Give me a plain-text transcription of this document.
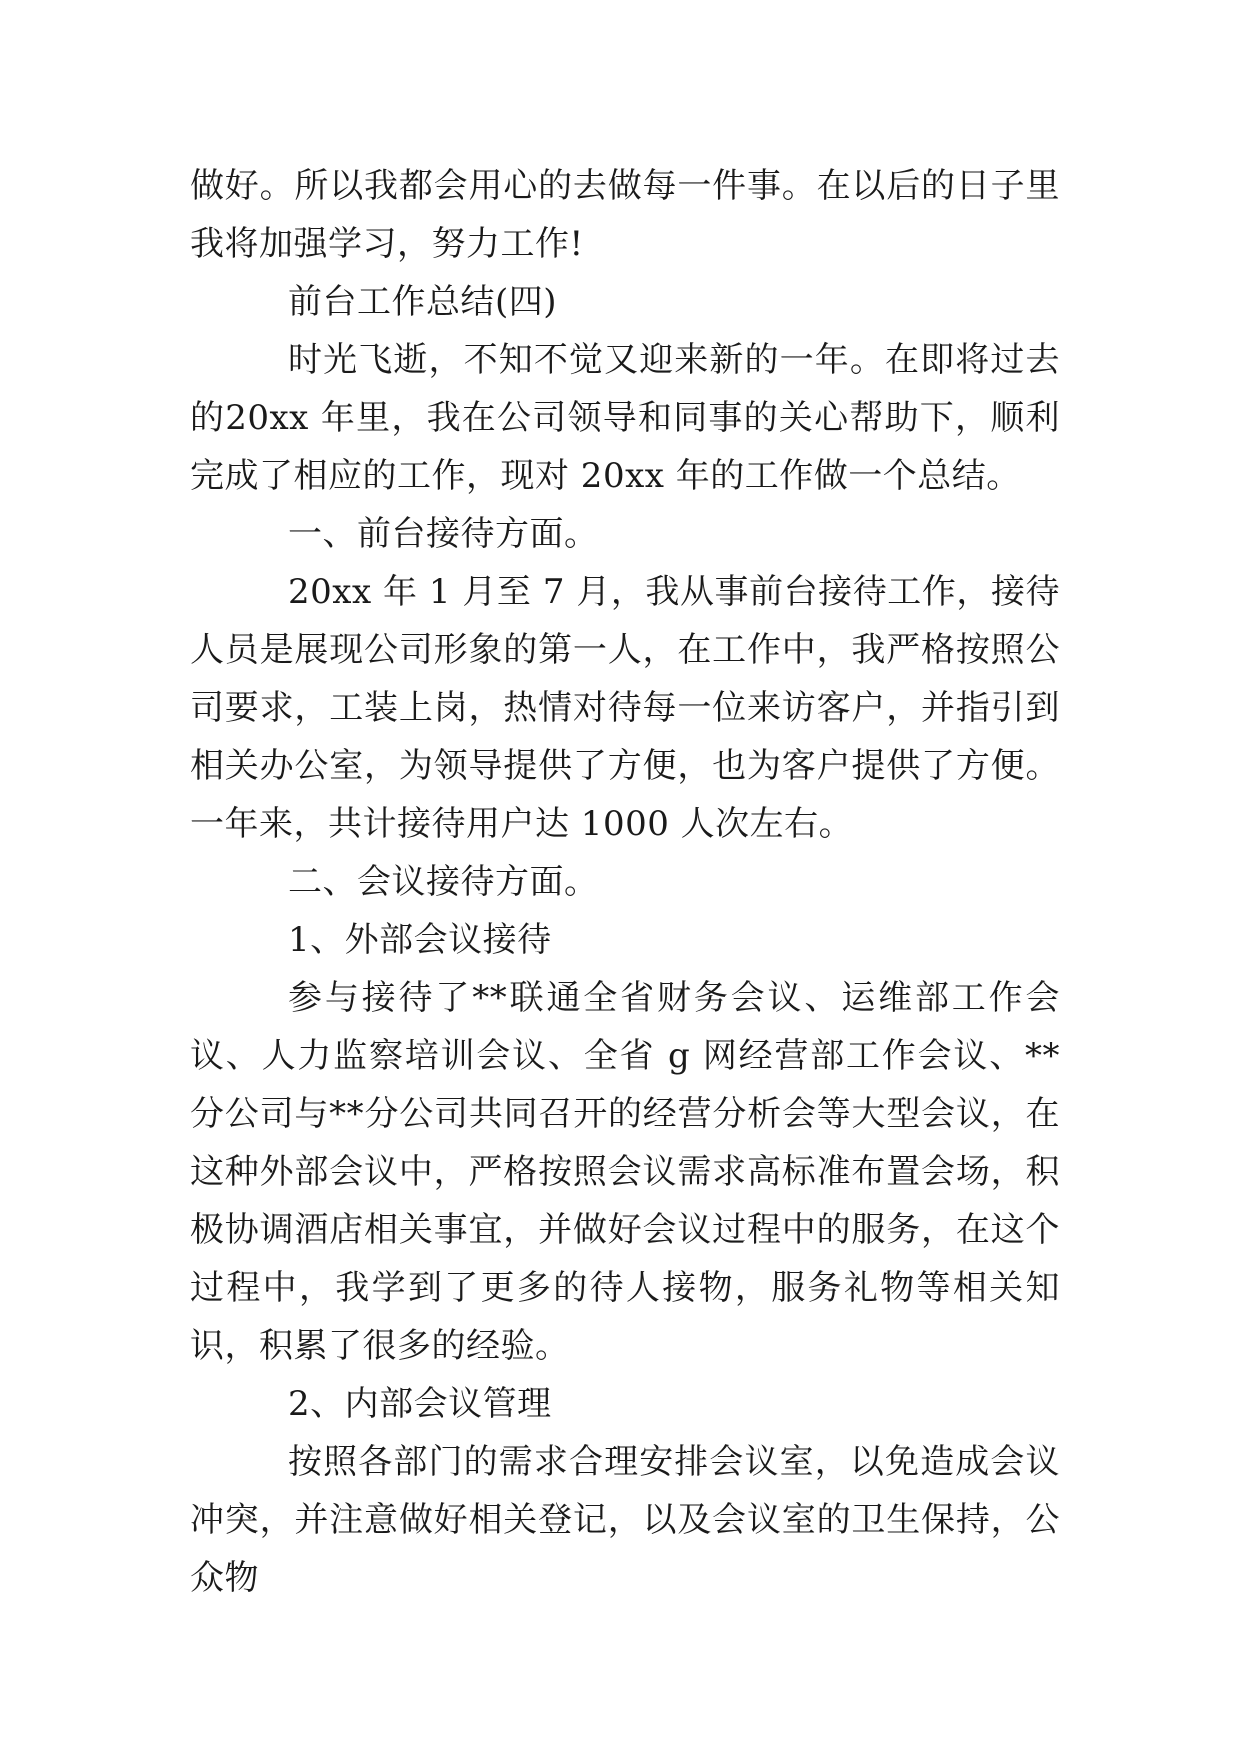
做好。所以我都会用心的去做每一件事。在以后的日子里我将加强学习，努力工作!

前台工作总结(四)

时光飞逝，不知不觉又迎来新的一年。在即将过去的20xx 年里，我在公司领导和同事的关心帮助下，顺利完成了相应的工作，现对 20xx 年的工作做一个总结。

一、前台接待方面。

20xx 年 1 月至 7 月，我从事前台接待工作，接待人员是展现公司形象的第一人，在工作中，我严格按照公司要求，工装上岗，热情对待每一位来访客户，并指引到相关办公室，为领导提供了方便，也为客户提供了方便。一年来，共计接待用户达 1000 人次左右。

二、会议接待方面。

1、外部会议接待

参与接待了**联通全省财务会议、运维部工作会议、人力监察培训会议、全省 g 网经营部工作会议、**分公司与**分公司共同召开的经营分析会等大型会议，在这种外部会议中，严格按照会议需求高标准布置会场，积极协调酒店相关事宜，并做好会议过程中的服务，在这个过程中，我学到了更多的待人接物，服务礼物等相关知识，积累了很多的经验。

2、内部会议管理

按照各部门的需求合理安排会议室，以免造成会议冲突，并注意做好相关登记，以及会议室的卫生保持，公众物
